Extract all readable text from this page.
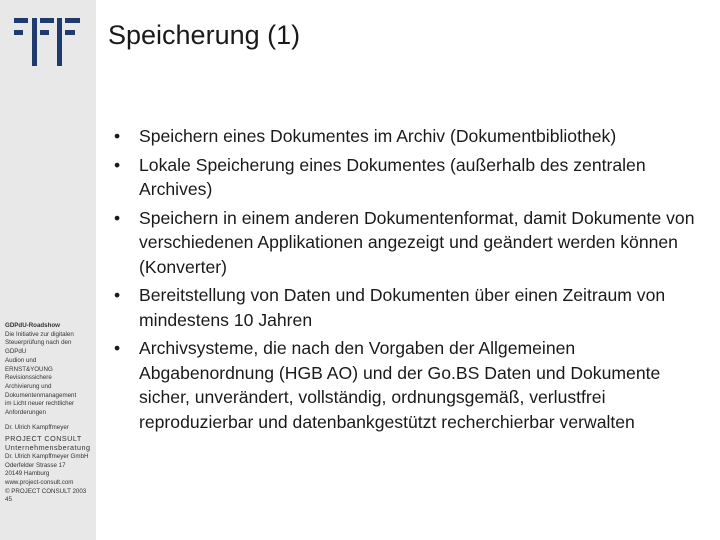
GDPdU-Roadshow
Die Initiative zur digitalen
Steuerprüfung nach den
GDPdU
Audion und
ERNST&YOUNG
Revisionssichere
Archivierung und
Dokumentenmanagement
im Licht neuer rechtlicher
Anforderungen
Dr. Ulrich Kampffmeyer
PROJECT CONSULT
Unternehmensberatung
Dr. Ulrich Kampffmeyer GmbH
Oderfelder Strasse 17
20149 Hamburg
www.project-consult.com
© PROJECT CONSULT 2003
45
Speicherung (1)
• Speichern eines Dokumentes im Archiv (Dokumentbibliothek)
• Lokale Speicherung eines Dokumentes (außerhalb des zentralen Archives)
• Speichern in einem anderen Dokumentenformat, damit Dokumente von verschiedenen Applikationen angezeigt und geändert werden können (Konverter)
• Bereitstellung von Daten und Dokumenten über einen Zeitraum von mindestens 10 Jahren
• Archivsysteme, die nach den Vorgaben der Allgemeinen Abgabenordnung (HGB AO) und der Go.BS Daten und Dokumente sicher, unverändert, vollständig, ordnungsgemäß, verlustfrei reproduzierbar und datenbankgestützt recherchierbar verwalten
